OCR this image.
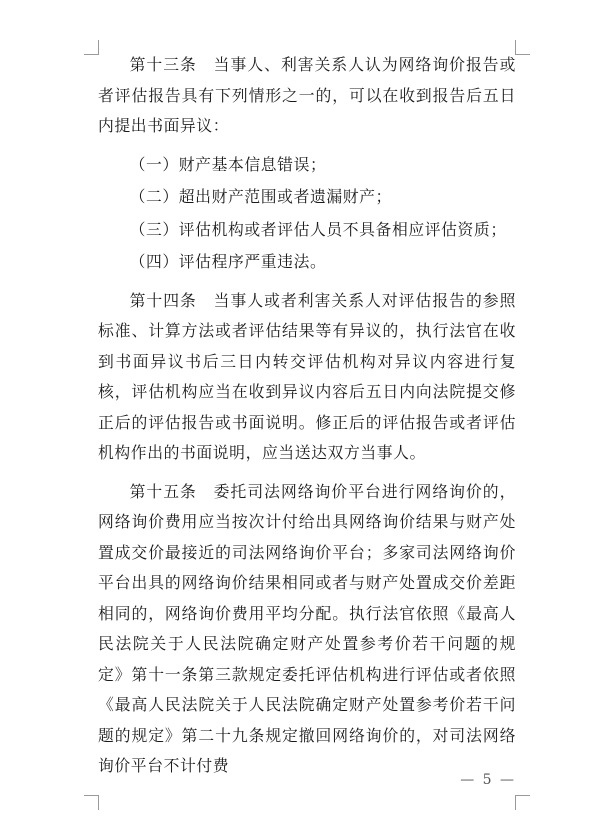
第十三条　当事人、利害关系人认为网络询价报告或者评估报告具有下列情形之一的，可以在收到报告后五日内提出书面异议：

（一）财产基本信息错误；

（二）超出财产范围或者遗漏财产；

（三）评估机构或者评估人员不具备相应评估资质；

（四）评估程序严重违法。

第十四条　当事人或者利害关系人对评估报告的参照标准、计算方法或者评估结果等有异议的，执行法官在收到书面异议书后三日内转交评估机构对异议内容进行复核，评估机构应当在收到异议内容后五日内向法院提交修正后的评估报告或书面说明。修正后的评估报告或者评估机构作出的书面说明，应当送达双方当事人。

第十五条　委托司法网络询价平台进行网络询价的，网络询价费用应当按次计付给出具网络询价结果与财产处置成交价最接近的司法网络询价平台；多家司法网络询价平台出具的网络询价结果相同或者与财产处置成交价差距相同的，网络询价费用平均分配。执行法官依照《最高人民法院关于人民法院确定财产处置参考价若干问题的规定》第十一条第三款规定委托评估机构进行评估或者依照《最高人民法院关于人民法院确定财产处置参考价若干问题的规定》第二十九条规定撤回网络询价的，对司法网络询价平台不计付费

— 5 —
